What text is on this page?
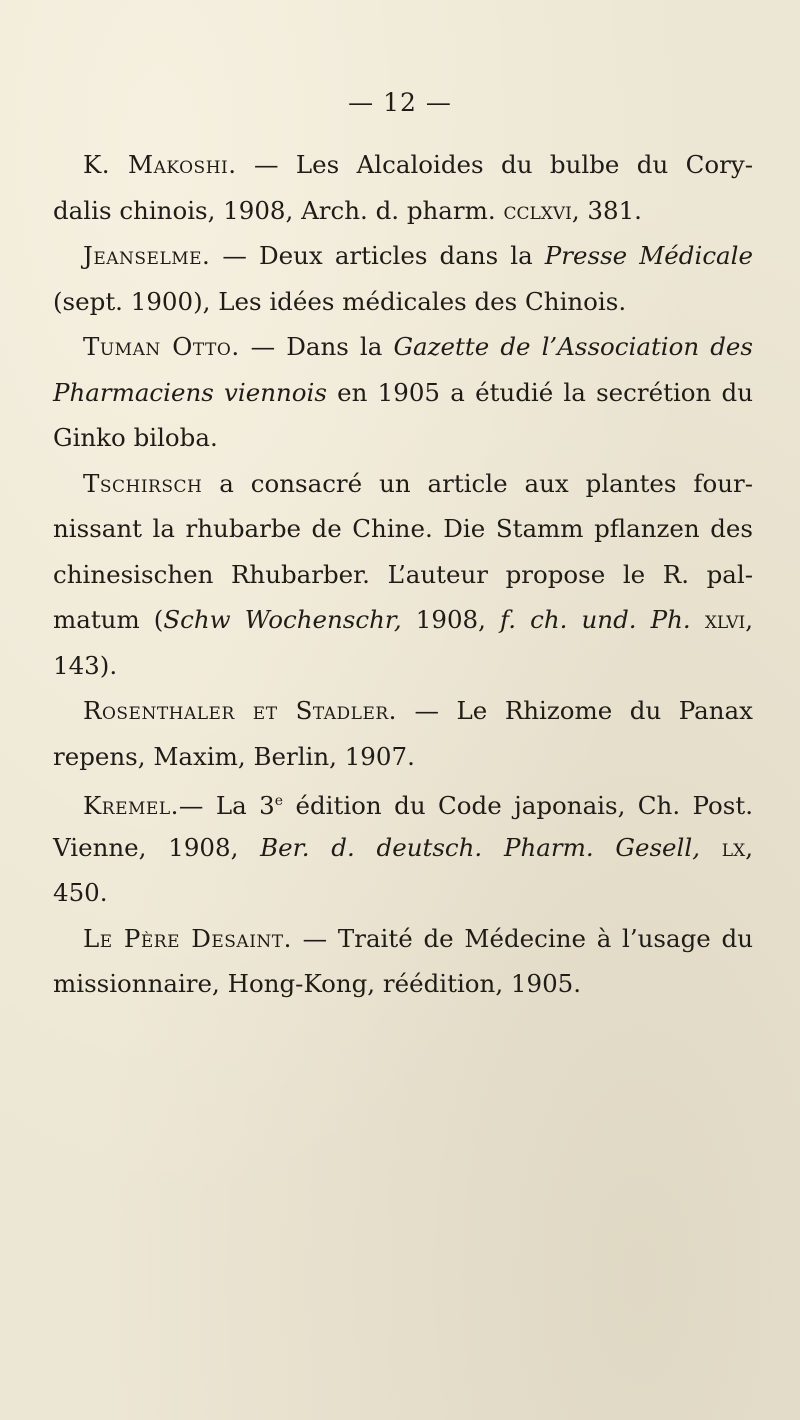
— 12 —
K. Makoshi. — Les Alcaloides du bulbe du Cory-
dalis chinois, 1908, Arch. d. pharm. cclxvi, 381.
Jeanselme. — Deux articles dans la Presse Médicale
(sept. 1900), Les idées médicales des Chinois.
Tuman Otto. — Dans la Gazette de l’Association des
Pharmaciens viennois en 1905 a étudié la secrétion du
Ginko biloba.
Tschirsch a consacré un article aux plantes four-
nissant la rhubarbe de Chine. Die Stamm pflanzen des
chinesischen Rhubarber. L’auteur propose le R. pal-
matum (Schw Wochenschr, 1908, f. ch. und. Ph. xlvi,
143).
Rosenthaler et Stadler. — Le Rhizome du Panax
repens, Maxim, Berlin, 1907.
Kremel.— La 3e édition du Code japonais, Ch. Post.
Vienne, 1908, Ber. d. deutsch. Pharm. Gesell, lx,
450.
Le Père Desaint. — Traité de Médecine à l’usage du
missionnaire, Hong-Kong, réédition, 1905.
